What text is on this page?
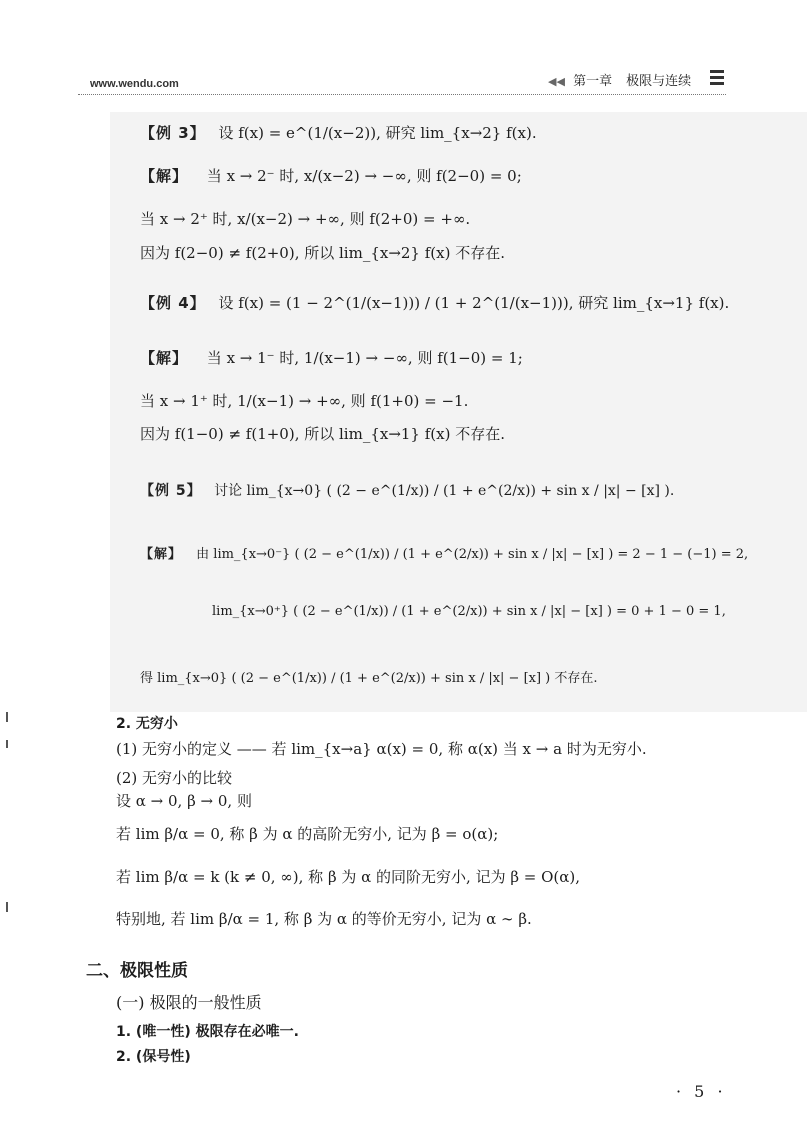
www.wendu.com	◀◀ 第一章 极限与连续
【例 3】 设 f(x) = e^(1/(x−2)), 研究 lim_{x→2} f(x).
【解】 当 x → 2⁻ 时, x/(x−2) → −∞, 则 f(2−0) = 0;
当 x → 2⁺ 时, x/(x−2) → +∞, 则 f(2+0) = +∞.
因为 f(2−0) ≠ f(2+0), 所以 lim_{x→2} f(x) 不存在.
【例 4】 设 f(x) = (1 − 2^(1/(x−1))) / (1 + 2^(1/(x−1))), 研究 lim_{x→1} f(x).
【解】 当 x → 1⁻ 时, 1/(x−1) → −∞, 则 f(1−0) = 1;
当 x → 1⁺ 时, 1/(x−1) → +∞, 则 f(1+0) = −1.
因为 f(1−0) ≠ f(1+0), 所以 lim_{x→1} f(x) 不存在.
【例 5】 讨论 lim_{x→0} ( (2 − e^(1/x)) / (1 + e^(2/x)) + sin x / |x| − [x] ).
【解】 由 lim_{x→0⁻} ( (2 − e^(1/x)) / (1 + e^(2/x)) + sin x / |x| − [x] ) = 2 − 1 − (−1) = 2,
lim_{x→0⁺} ( (2 − e^(1/x)) / (1 + e^(2/x)) + sin x / |x| − [x] ) = 0 + 1 − 0 = 1,
得 lim_{x→0} ( (2 − e^(1/x)) / (1 + e^(2/x)) + sin x / |x| − [x] ) 不存在.
2. 无穷小
(1) 无穷小的定义 —— 若 lim_{x→a} α(x) = 0, 称 α(x) 当 x → a 时为无穷小.
(2) 无穷小的比较
设 α → 0, β → 0, 则
若 lim β/α = 0, 称 β 为 α 的高阶无穷小, 记为 β = o(α);
若 lim β/α = k (k ≠ 0, ∞), 称 β 为 α 的同阶无穷小, 记为 β = O(α),
特别地, 若 lim β/α = 1, 称 β 为 α 的等价无穷小, 记为 α ∼ β.
二、极限性质
(一) 极限的一般性质
1. (唯一性) 极限存在必唯一.
2. (保号性)
· 5 ·
